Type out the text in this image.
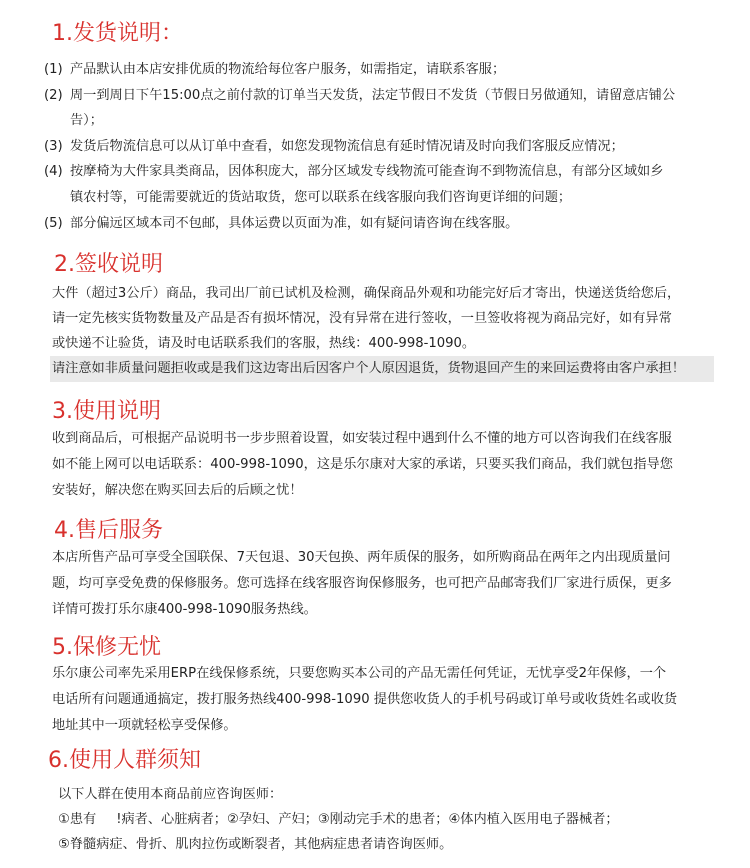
1.发货说明：
(1) 产品默认由本店安排优质的物流给每位客户服务，如需指定，请联系客服；
(2) 周一到周日下午15:00点之前付款的订单当天发货，法定节假日不发货（节假日另做通知，请留意店铺公
告）；
(3) 发货后物流信息可以从订单中查看，如您发现物流信息有延时情况请及时向我们客服反应情况；
(4) 按摩椅为大件家具类商品，因体积庞大，部分区域发专线物流可能查询不到物流信息，有部分区域如乡
镇农村等，可能需要就近的货站取货，您可以联系在线客服向我们咨询更详细的问题；
(5) 部分偏远区域本司不包邮，具体运费以页面为准，如有疑问请咨询在线客服。
2.签收说明
大件（超过3公斤）商品，我司出厂前已试机及检测，确保商品外观和功能完好后才寄出，快递送货给您后，
请一定先核实货物数量及产品是否有损坏情况，没有异常在进行签收，一旦签收将视为商品完好，如有异常
或快递不让验货，请及时电话联系我们的客服，热线：400-998-1090。
请注意如非质量问题拒收或是我们这边寄出后因客户个人原因退货，货物退回产生的来回运费将由客户承担！
3.使用说明
收到商品后，可根据产品说明书一步步照着设置，如安装过程中遇到什么不懂的地方可以咨询我们在线客服
如不能上网可以电话联系：400-998-1090，这是乐尔康对大家的承诺，只要买我们商品，我们就包指导您
安装好，解决您在购买回去后的后顾之忧！
4.售后服务
本店所售产品可享受全国联保、7天包退、30天包换、两年质保的服务，如所购商品在两年之内出现质量问
题，均可享受免费的保修服务。您可选择在线客服咨询保修服务，也可把产品邮寄我们厂家进行质保，更多
详情可拨打乐尔康400-998-1090服务热线。
5.保修无忧
乐尔康公司率先采用ERP在线保修系统，只要您购买本公司的产品无需任何凭证，无忧享受2年保修，一个
电话所有问题通通搞定，拨打服务热线400-998-1090 提供您收货人的手机号码或订单号或收货姓名或收货
地址其中一项就轻松享受保修。
6.使用人群须知
以下人群在使用本商品前应咨询医师：
①患有 !病者、心脏病者；②孕妇、产妇；③刚动完手术的患者；④体内植入医用电子器械者；
⑤脊髓病症、骨折、肌肉拉伤或断裂者，其他病症患者请咨询医师。
